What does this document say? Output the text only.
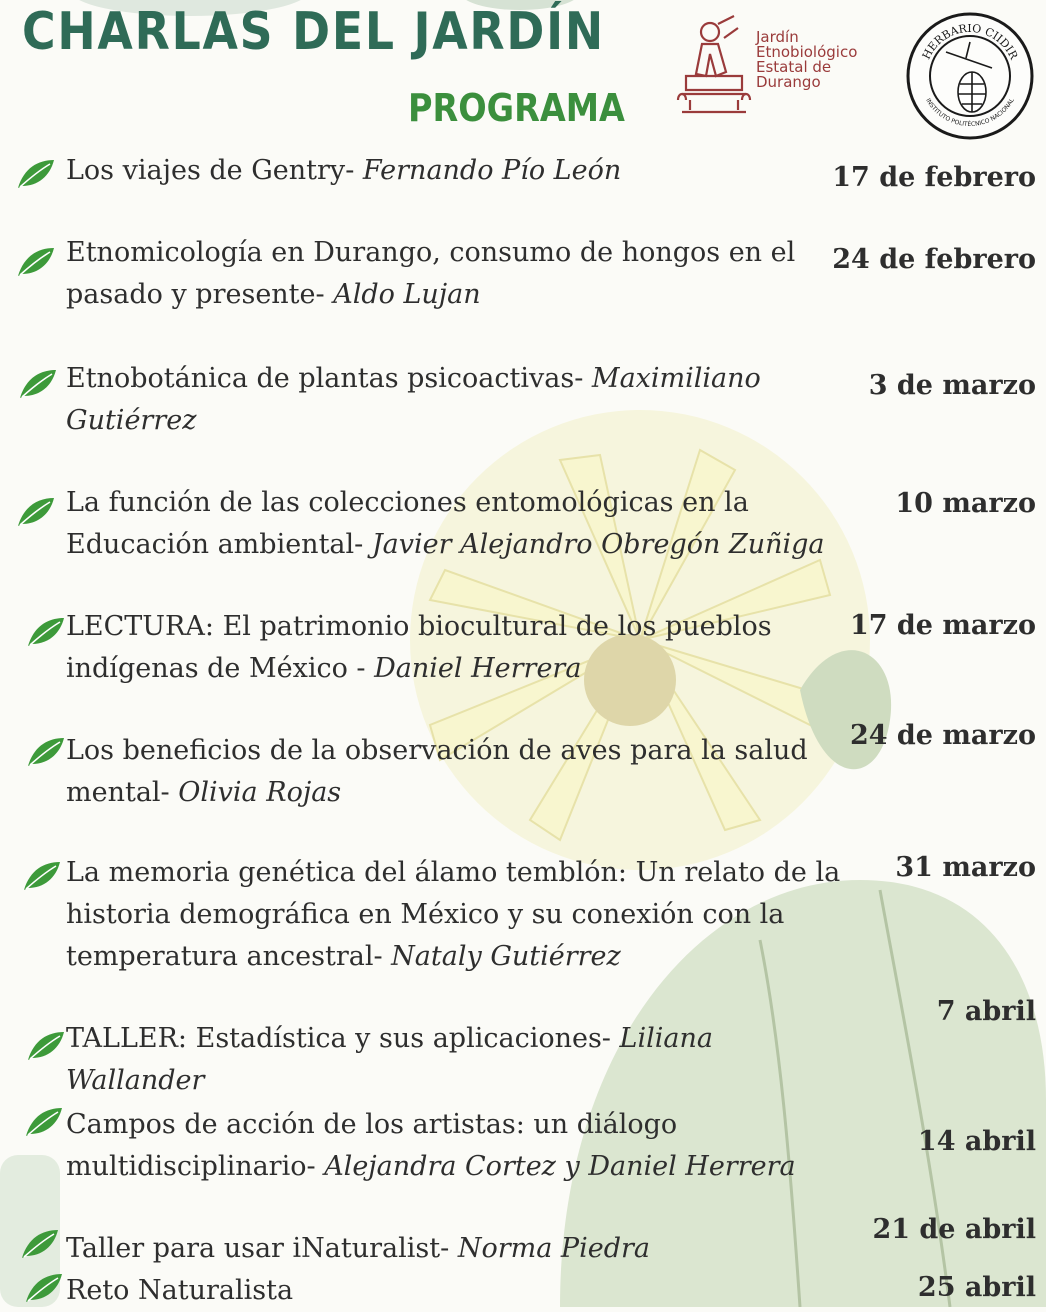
CHARLAS DEL JARDÍN
PROGRAMA
Jardín
Etnobiológico
Estatal de
Durango
HERBARIO CIIDIR
INSTITUTO POLITÉCNICO NACIONAL
Los viajes de Gentry- Fernando Pío León	17 de febrero
Etnomicología en Durango, consumo de hongos en el pasado y presente- Aldo Lujan
24 de febrero
Etnobotánica de plantas psicoactivas- Maximiliano Gutiérrez
3 de marzo
La función de las colecciones entomológicas en la Educación ambiental- Javier Alejandro Obregón Zuñiga
10 marzo
LECTURA: El patrimonio biocultural de los pueblos indígenas de México - Daniel Herrera
17 de marzo
Los beneficios de la observación de aves para la salud mental- Olivia Rojas
24 de marzo
La memoria genética del álamo temblón: Un relato de la historia demográfica en México y su conexión con la temperatura ancestral- Nataly Gutiérrez
31 marzo
TALLER: Estadística y sus aplicaciones- Liliana Wallander
7 abril
Campos de acción de los artistas: un diálogo multidisciplinario- Alejandra Cortez y Daniel Herrera
14 abril
Taller para usar iNaturalist- Norma Piedra
21 de abril
Reto Naturalista	25 abril
